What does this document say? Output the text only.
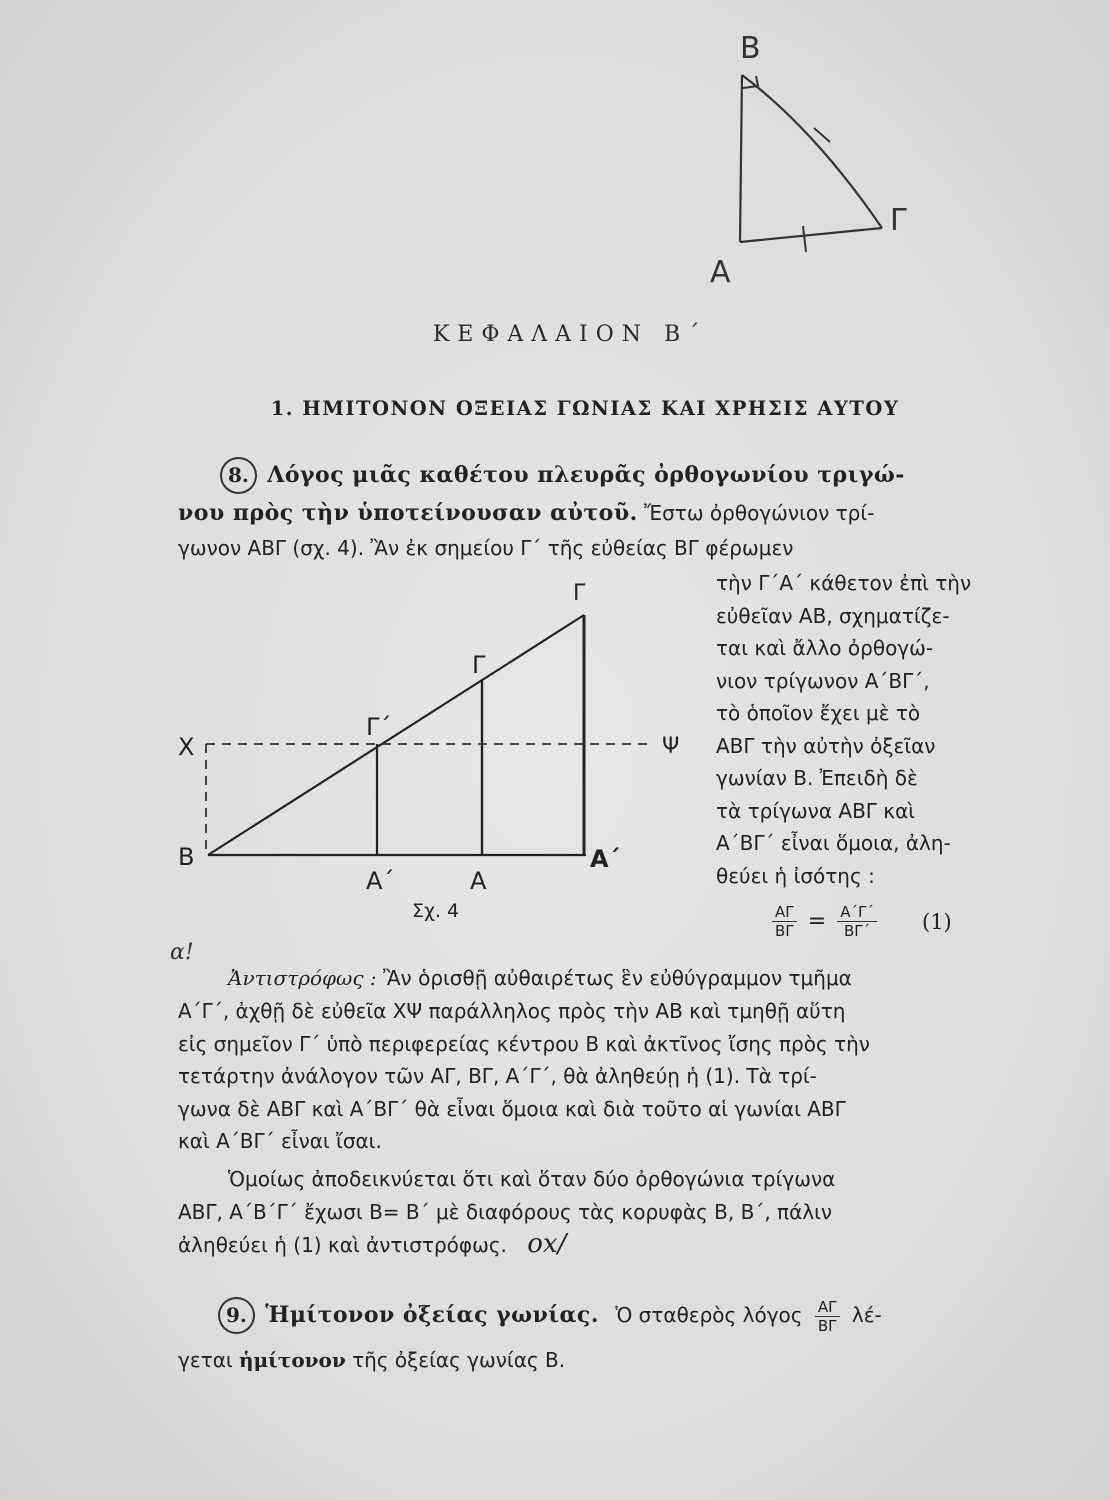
B
Γ
A
ΚΕΦΑΛΑΙΟΝ Β΄
1. ΗΜΙΤΟΝΟΝ ΟΞΕΙΑΣ ΓΩΝΙΑΣ ΚΑΙ ΧΡΗΣΙΣ ΑΥΤΟΥ
8. Λόγος μιᾶς καθέτου πλευρᾶς ὀρθογωνίου τριγώ-
νου πρὸς τὴν ὑποτείνουσαν αὐτοῦ. Ἔστω ὀρθογώνιον τρί-
γωνον ΑΒΓ (σχ. 4). Ἂν ἐκ σημείου Γ΄ τῆς εὐθείας ΒΓ φέρωμεν
τὴν Γ΄Α΄ κάθετον ἐπὶ τὴν
εὐθεῖαν ΑΒ, σχηματίζε-
ται καὶ ἄλλο ὀρθογώ-
νιον τρίγωνον Α΄ΒΓ΄,
τὸ ὁποῖον ἔχει μὲ τὸ
ΑΒΓ τὴν αὐτὴν ὀξεῖαν
γωνίαν Β. Ἐπειδὴ δὲ
τὰ τρίγωνα ΑΒΓ καὶ
Α΄ΒΓ΄ εἶναι ὅμοια, ἀλη-
θεύει ἡ ἰσότης :
$\frac{A\Gamma}{B\Gamma} = \frac{A΄\Gamma΄}{B\Gamma΄} (1)$
Γ
Γ
Γ΄
Χ
Β
Α΄	Α
Α΄
Σχ. 4
Ψ
α!
Ἀντιστρόφως : Ἂν ὁρισθῇ αὐθαιρέτως ἓν εὐθύγραμμον τμῆμα
Α΄Γ΄, ἀχθῇ δὲ εὐθεῖα ΧΨ παράλληλος πρὸς τὴν ΑΒ καὶ τμηθῇ αὕτη
εἰς σημεῖον Γ΄ ὑπὸ περιφερείας κέντρου Β καὶ ἀκτῖνος ἴσης πρὸς τὴν
τετάρτην ἀνάλογον τῶν ΑΓ, ΒΓ, Α΄Γ΄, θὰ ἀληθεύῃ ἡ (1). Τὰ τρί-
γωνα δὲ ΑΒΓ καὶ Α΄ΒΓ΄ θὰ εἶναι ὅμοια καὶ διὰ τοῦτο αἱ γωνίαι ΑΒΓ
καὶ Α΄ΒΓ΄ εἶναι ἴσαι.
Ὁμοίως ἀποδεικνύεται ὅτι καὶ ὅταν δύο ὀρθογώνια τρίγωνα
ΑΒΓ, Α΄Β΄Γ΄ ἔχωσι Β= Β΄ μὲ διαφόρους τὰς κορυφὰς Β, Β΄, πάλιν
ἀληθεύει ἡ (1) καὶ ἀντιστρόφως. ox/
9. Ἡμίτονον ὀξείας γωνίας. Ὁ σταθερὸς λόγος $\frac{A\Gamma}{B\Gamma} \lambda έ-$
γεται ἡμίτονον τῆς ὀξείας γωνίας Β.
